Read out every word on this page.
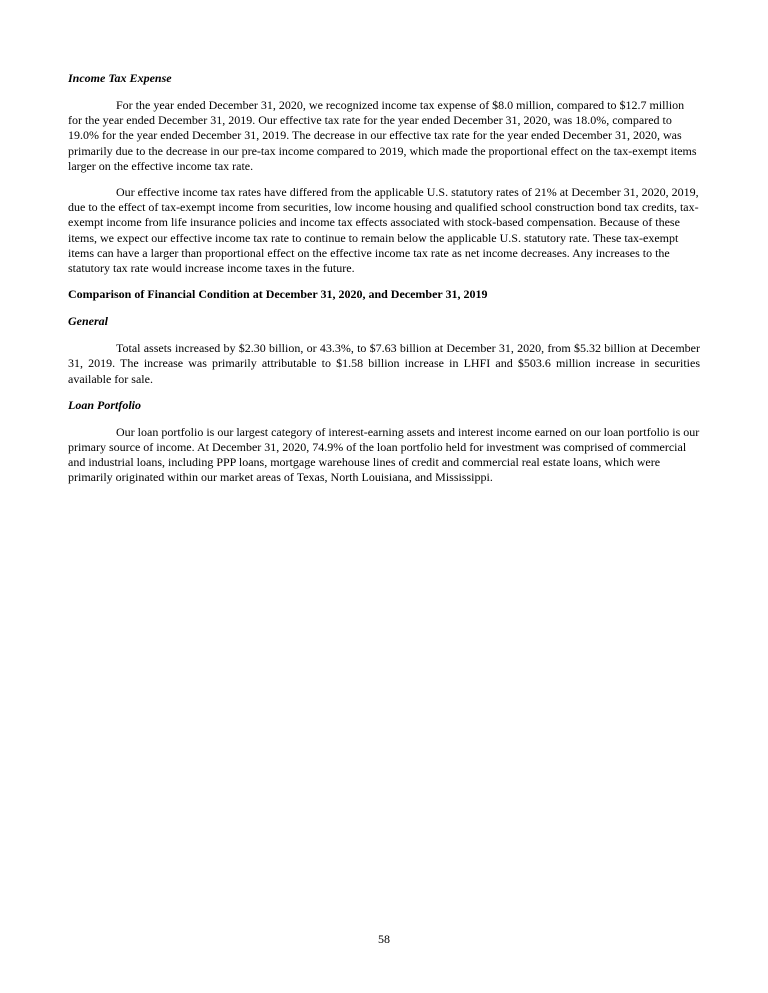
Income Tax Expense

For the year ended December 31, 2020, we recognized income tax expense of $8.0 million, compared to $12.7 million for the year ended December 31, 2019. Our effective tax rate for the year ended December 31, 2020, was 18.0%, compared to 19.0% for the year ended December 31, 2019. The decrease in our effective tax rate for the year ended December 31, 2020, was primarily due to the decrease in our pre-tax income compared to 2019, which made the proportional effect on the tax-exempt items larger on the effective income tax rate.

Our effective income tax rates have differed from the applicable U.S. statutory rates of 21% at December 31, 2020, 2019, due to the effect of tax-exempt income from securities, low income housing and qualified school construction bond tax credits, tax-exempt income from life insurance policies and income tax effects associated with stock-based compensation. Because of these items, we expect our effective income tax rate to continue to remain below the applicable U.S. statutory rate. These tax-exempt items can have a larger than proportional effect on the effective income tax rate as net income decreases. Any increases to the statutory tax rate would increase income taxes in the future.

Comparison of Financial Condition at December 31, 2020, and December 31, 2019

General

Total assets increased by $2.30 billion, or 43.3%, to $7.63 billion at December 31, 2020, from $5.32 billion at December 31, 2019. The increase was primarily attributable to $1.58 billion increase in LHFI and $503.6 million increase in securities available for sale.

Loan Portfolio

Our loan portfolio is our largest category of interest-earning assets and interest income earned on our loan portfolio is our primary source of income. At December 31, 2020, 74.9% of the loan portfolio held for investment was comprised of commercial and industrial loans, including PPP loans, mortgage warehouse lines of credit and commercial real estate loans, which were primarily originated within our market areas of Texas, North Louisiana, and Mississippi.

58
